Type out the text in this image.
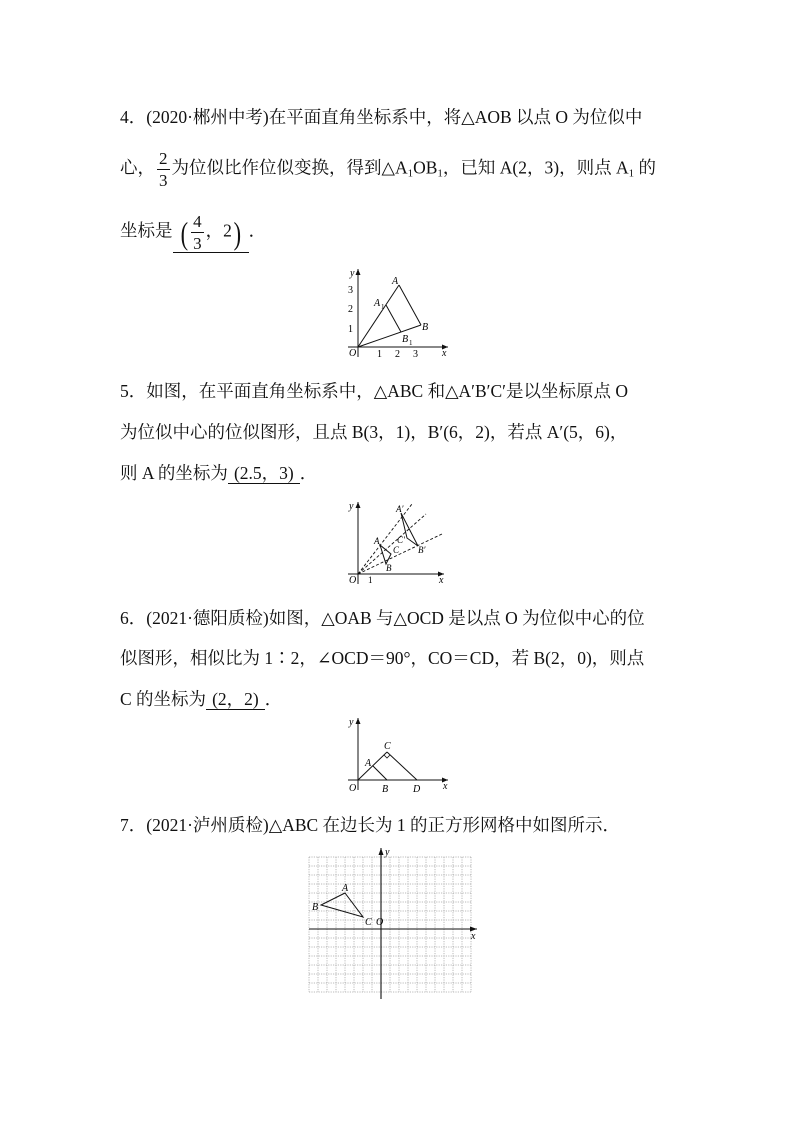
4．(2020·郴州中考)在平面直角坐标系中，将△AOB 以点 O 为位似中
心， $\frac{2}{3}$ 为位似比作位似变换，得到$\triangle A_1OB_1$，已知 A(2，3)，则点 $A_1$ 的
坐标是 ( $\frac{4}{3}$ ，2) ．
y
x
O 1 2 3
1
2
3
A
A 1
B
B 1
5．如图，在平面直角坐标系中，△ABC 和△A′B′C′是以坐标原点 O
为位似中心的位似图形，且点 B(3，1)，B′(6，2)，若点 A′(5，6)，
则 A 的坐标为 (2.5，3) ．
y
x
O 1
A
B
C
A′
B′
C′
6．(2021·德阳质检)如图，△OAB 与△OCD 是以点 O 为位似中心的位
似图形，相似比为 1∶2，∠OCD＝90°，CO＝CD，若 B(2，0)，则点
C 的坐标为 (2，2) ．
y
x
O
A
B
C
D
7．(2021·泸州质检)△ABC 在边长为 1 的正方形网格中如图所示．
y
x
O
A
B
C
